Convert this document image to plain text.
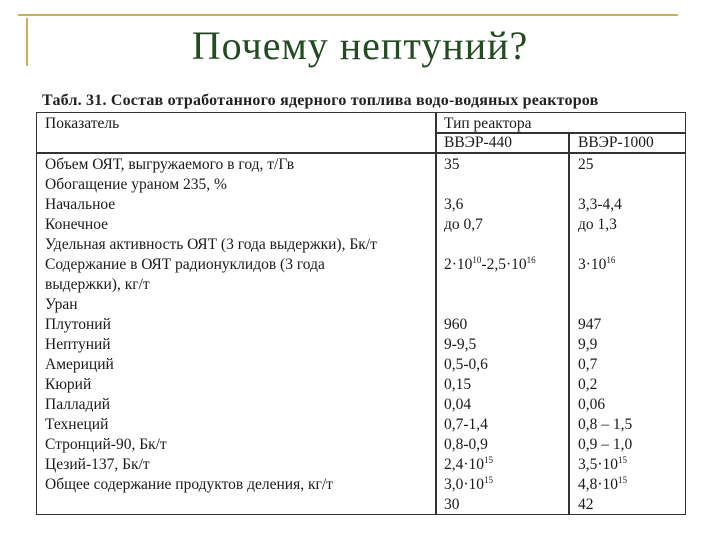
Почему нептуний?
Табл. 31. Состав отработанного ядерного топлива водо-водяных реакторов
Показатель	Тип реактора
ВВЭР-440	ВВЭР-1000
Объем ОЯТ, выгружаемого в год, т/Гв
Обогащение ураном 235, %
Начальное
Конечное
Удельная активность ОЯТ (3 года выдержки), Бк/т
Содержание в ОЯТ радионуклидов (3 года
выдержки), кг/т
Уран
Плутоний
Нептуний
Америций
Кюрий
Палладий
Технеций
Стронций-90, Бк/т
Цезий-137, Бк/т
Общее содержание продуктов деления, кг/т
35
3,6
до 0,7
$2\cdot 10^{10}-2,5\cdot 10^{16}$
960
9-9,5
0,5-0,6
0,15
0,04
0,7-1,4
0,8-0,9
$2,4\cdot 10^{15}$
$3,0\cdot 10^{15}$
30
25
3,3-4,4
до 1,3
$3\cdot 10^{16}$
947
9,9
0,7
0,2
0,06
0,8 – 1,5
0,9 – 1,0
$3,5\cdot 10^{15}$
$4,8\cdot 10^{15}$
42
